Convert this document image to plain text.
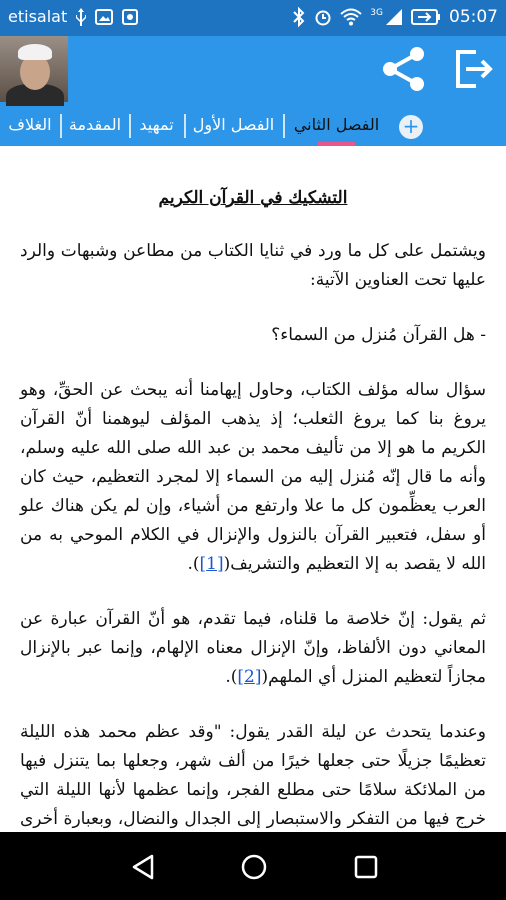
etisalat	3G	05:07
الفصل الثاني
الفصل الأول
تمهيد
المقدمة
الغلاف	+
التشكيك في القرآن الكريم

ويشتمل على كل ما ورد في ثنايا الكتاب من مطاعن وشبهات والرد عليها تحت العناوين الآتية:

- هل القرآن مُنزل من السماء؟

سؤال ساله مؤلف الكتاب، وحاول إيهامنا أنه يبحث عن الحقِّ، وهو يروغ بنا كما يروغ الثعلب؛ إذ يذهب المؤلف ليوهمنا أنّ القرآن الكريم ما هو إلا من تأليف محمد بن عبد الله صلى الله عليه وسلم، وأنه ما قال إنّه مُنزل إليه من السماء إلا لمجرد التعظيم، حيث كان العرب يعظِّمون كل ما علا وارتفع من أشياء، وإن لم يكن هناك علو أو سفل، فتعبير القرآن بالنزول والإنزال في الكلام الموحي به من الله لا يقصد به إلا التعظيم والتشريف([1]).

ثم يقول: إنّ خلاصة ما قلناه، فيما تقدم، هو أنّ القرآن عبارة عن المعاني دون الألفاظ، وإنّ الإنزال معناه الإلهام، وإنما عبر بالإنزال مجازاً لتعظيم المنزل أي الملهم([2]).

وعندما يتحدث عن ليلة القدر يقول: "وقد عظم محمد هذه الليلة تعظيمًا جزيلًا حتى جعلها خيرًا من ألف شهر، وجعلها بما يتنزل فيها من الملائكة سلامًا حتى مطلع الفجر، وإنما عظمها لأنها الليلة التي خرج فيها من التفكر والاستبصار إلى الجدال والنضال، وبعبارة أخرى
